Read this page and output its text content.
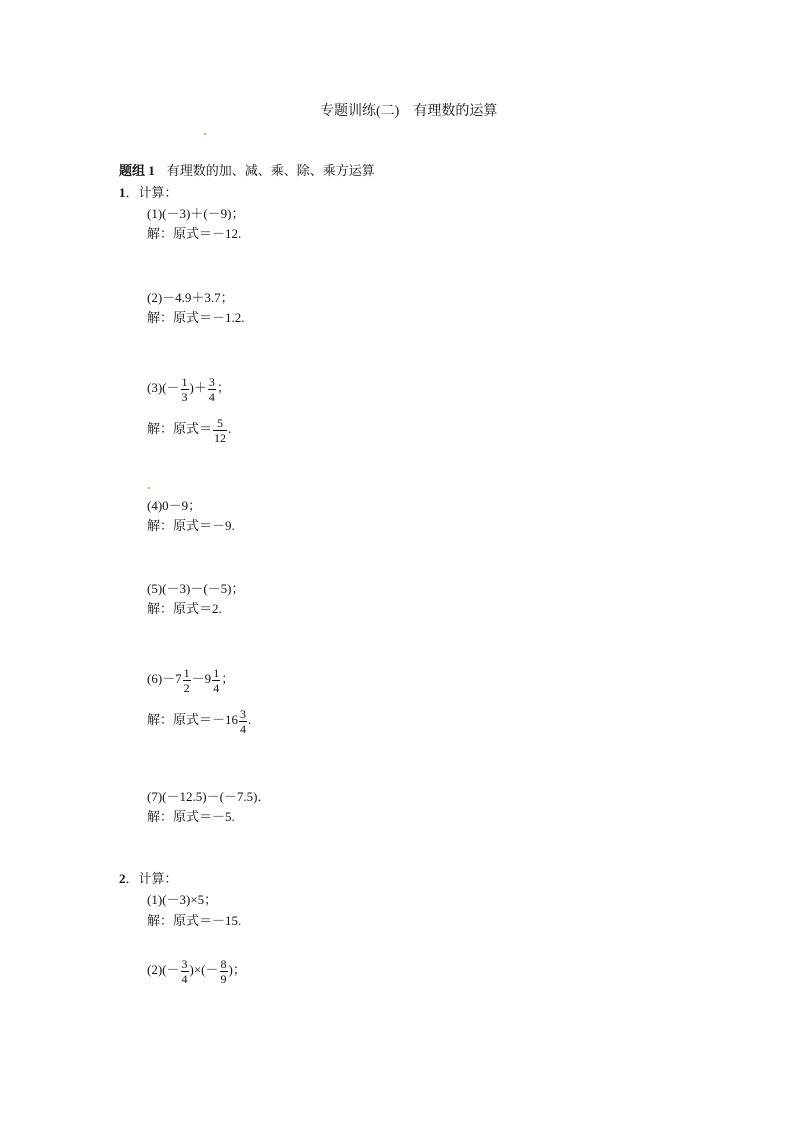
专题训练(二) 有理数的运算
题组 1 有理数的加、减、乘、除、乘方运算
1．计算：
(1)(－3)＋(－9)；
解：原式＝－12.
(2)－4.9＋3.7；
解：原式＝－1.2.
$(3)(- \frac{1}{3}$ )＋ $\frac{3}{4}$ ；
解：原式＝ $\frac{5}{12}$ .
(4)0－9；
解：原式＝－9.
(5)(－3)－(－5)；
解：原式＝2.
$(6)-7 \frac{1}{2} -9 \frac{1}{4}$ ；
解：原式$=-16 \frac{3}{4}$ .
(7)(－12.5)－(－7.5)．
解：原式＝－5.
2．计算：
(1)(－3)×5；
解：原式＝－15.
$(2)(- \frac{3}{4}$ )×(－ $\frac{8}{9}$ )；
